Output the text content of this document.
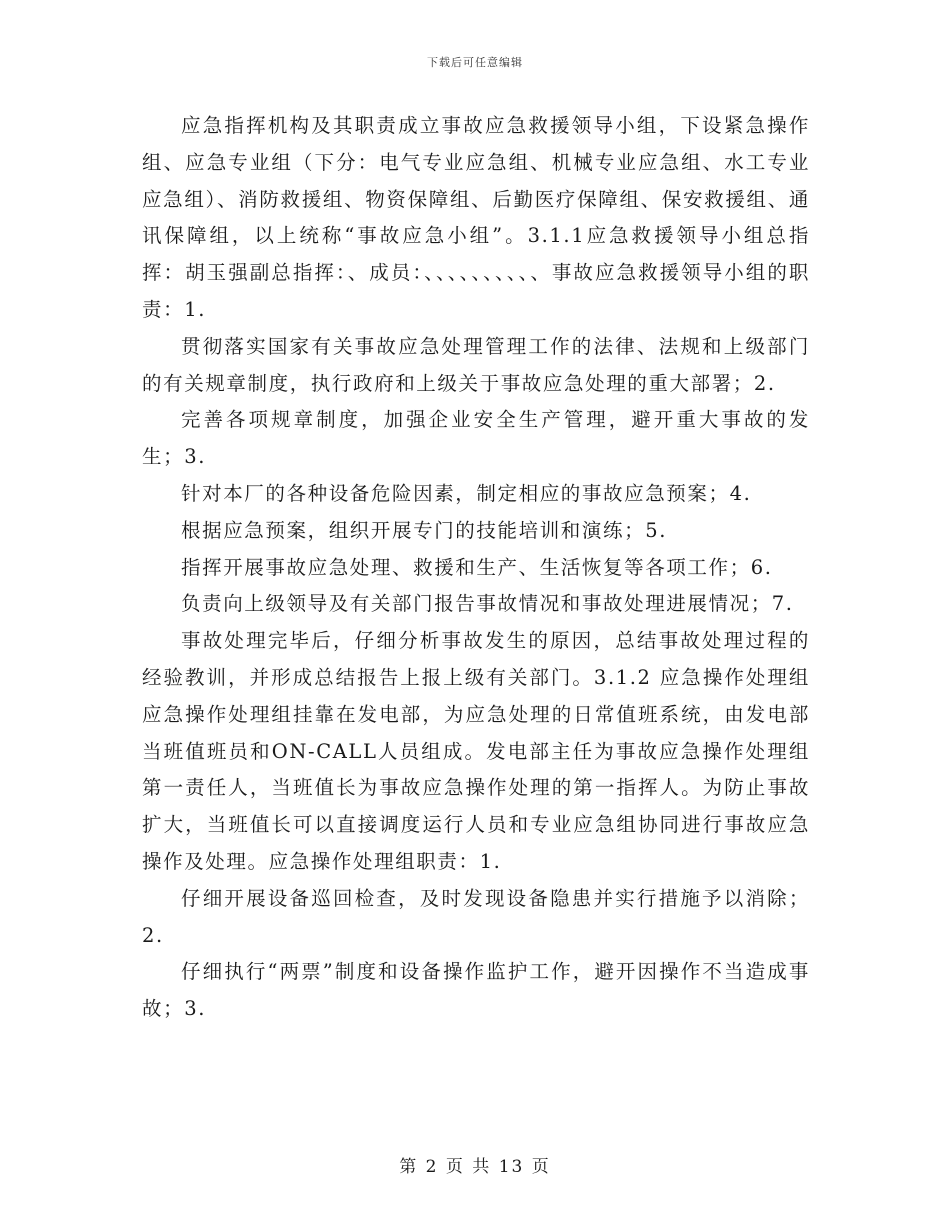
下载后可任意编辑

应急指挥机构及其职责成立事故应急救援领导小组，下设紧急操作组、应急专业组（下分：电气专业应急组、机械专业应急组、水工专业应急组）、消防救援组、物资保障组、后勤医疗保障组、保安救援组、通讯保障组，以上统称“事故应急小组”。3.1.1应急救援领导小组总指挥：胡玉强副总指挥：、成员：、、、、、、、、、、事故应急救援领导小组的职责：1.

贯彻落实国家有关事故应急处理管理工作的法律、法规和上级部门的有关规章制度，执行政府和上级关于事故应急处理的重大部署；2.

完善各项规章制度，加强企业安全生产管理，避开重大事故的发生；3.

针对本厂的各种设备危险因素，制定相应的事故应急预案；4.

根据应急预案，组织开展专门的技能培训和演练；5.

指挥开展事故应急处理、救援和生产、生活恢复等各项工作；6.

负责向上级领导及有关部门报告事故情况和事故处理进展情况；7.

事故处理完毕后，仔细分析事故发生的原因，总结事故处理过程的经验教训，并形成总结报告上报上级有关部门。3.1.2 应急操作处理组应急操作处理组挂靠在发电部，为应急处理的日常值班系统，由发电部当班值班员和ON-CALL人员组成。发电部主任为事故应急操作处理组第一责任人，当班值长为事故应急操作处理的第一指挥人。为防止事故扩大，当班值长可以直接调度运行人员和专业应急组协同进行事故应急操作及处理。应急操作处理组职责：1.

仔细开展设备巡回检查，及时发现设备隐患并实行措施予以消除；2.

仔细执行“两票”制度和设备操作监护工作，避开因操作不当造成事故；3.

第 2 页 共 13 页
